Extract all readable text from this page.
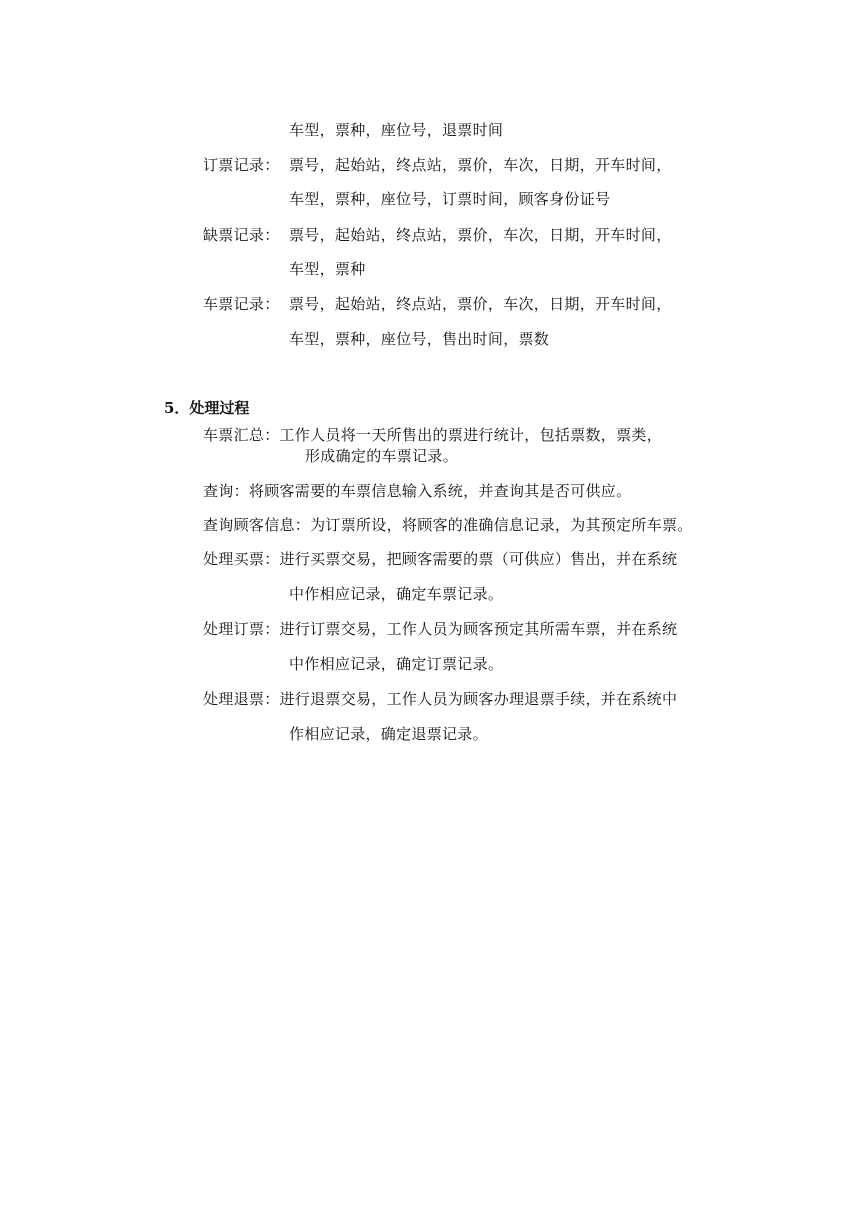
车型，票种，座位号，退票时间
订票记录： 票号，起始站，终点站，票价，车次，日期，开车时间，
车型，票种，座位号，订票时间，顾客身份证号
缺票记录： 票号，起始站，终点站，票价，车次，日期，开车时间，
车型，票种
车票记录： 票号，起始站，终点站，票价，车次，日期，开车时间，
车型，票种，座位号，售出时间，票数
5．处理过程
车票汇总：工作人员将一天所售出的票进行统计，包括票数，票类，
形成确定的车票记录。
查询：将顾客需要的车票信息输入系统，并查询其是否可供应。
查询顾客信息：为订票所设，将顾客的准确信息记录，为其预定所车票。
处理买票：进行买票交易，把顾客需要的票（可供应）售出，并在系统
中作相应记录，确定车票记录。
处理订票：进行订票交易，工作人员为顾客预定其所需车票，并在系统
中作相应记录，确定订票记录。
处理退票：进行退票交易，工作人员为顾客办理退票手续，并在系统中
作相应记录，确定退票记录。
